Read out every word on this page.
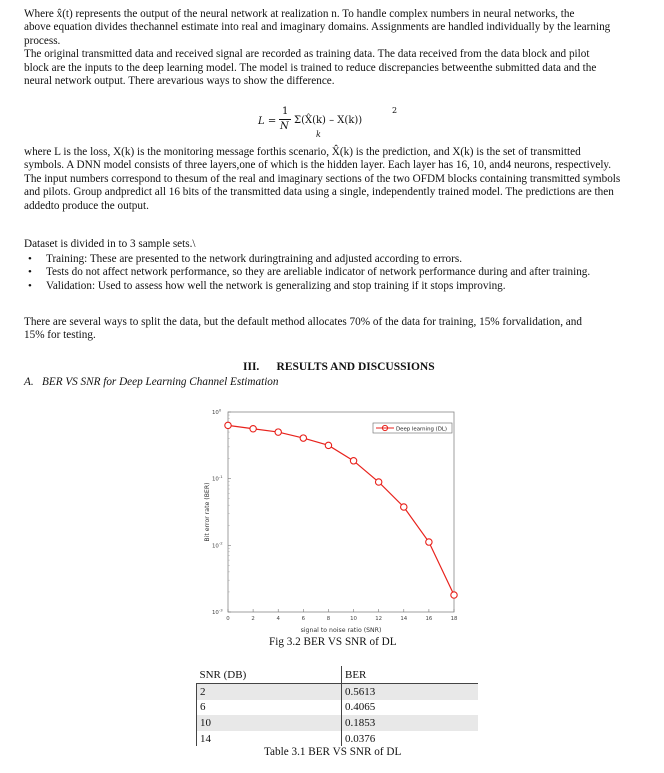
Where x̂(t) represents the output of the neural network at realization n. To handle complex numbers in neural networks, the
above equation divides thechannel estimate into real and imaginary domains. Assignments are handled individually by the learning
process.
The original transmitted data and received signal are recorded as training data. The data received from the data block and pilot
block are the inputs to the deep learning model. The model is trained to reduce discrepancies betweenthe submitted data and the
neural network output. There arevarious ways to show the difference.
L =
1
N
Σ(X̂(k) – X(k))
2
k
where L is the loss, X(k) is the monitoring message forthis scenario, X̂(k) is the prediction, and X(k) is the set of transmitted
symbols. A DNN model consists of three layers,one of which is the hidden layer. Each layer has 16, 10, and4 neurons, respectively.
The input numbers correspond to thesum of the real and imaginary sections of the two OFDM blocks containing transmitted symbols
and pilots. Group andpredict all 16 bits of the transmitted data using a single, independently trained model. The predictions are then
addedto produce the output.
Dataset is divided in to 3 sample sets.\
• Training: These are presented to the network duringtraining and adjusted according to errors.
• Tests do not affect network performance, so they are areliable indicator of network performance during and after training.
• Validation: Used to assess how well the network is generalizing and stop training if it stops improving.
There are several ways to split the data, but the default method allocates 70% of the data for training, 15% forvalidation, and
15% for testing.
III.      RESULTS AND DISCUSSIONS
A.   BER VS SNR for Deep Learning Channel Estimation
$10^0$
$10^{-1}$
$10^{-2}$
$10^{-3}$
0	2	4	6	8	10	12	14	16	18
signal to noise ratio (SNR)
Bit error rate (BER)
Deep learning (DL)
Fig 3.2 BER VS SNR of DL
SNR (DB)	BER
2	0.5613
6	0.4065
10	0.1853
14	0.0376
Table 3.1 BER VS SNR of DL
